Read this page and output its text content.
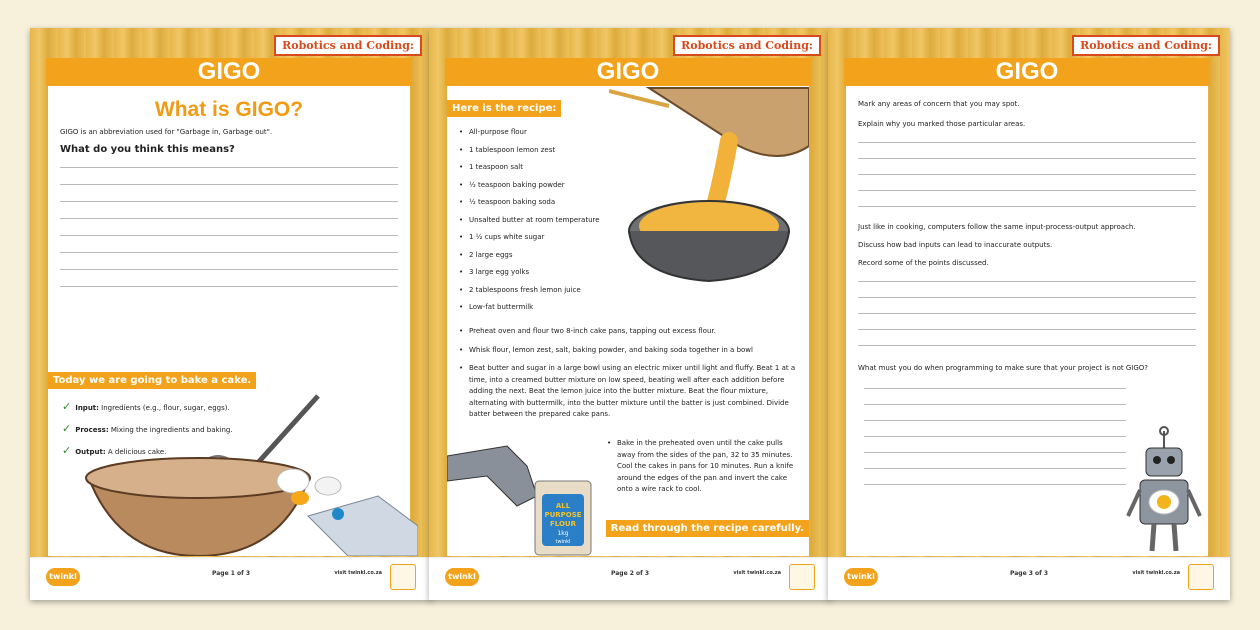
Robotics and Coding:
GIGO
What is GIGO?
GIGO is an abbreviation used for "Garbage in, Garbage out".
What do you think this means?
Today we are going to bake a cake.
✓ Input: Ingredients (e.g., flour, sugar, eggs).
✓ Process: Mixing the ingredients and baking.
✓ Output: A delicious cake.
twinkl	Page 1 of 3	visit twinkl.co.za
Robotics and Coding:
GIGO
Here is the recipe:
• All-purpose flour
• 1 tablespoon lemon zest
• 1 teaspoon salt
• ½ teaspoon baking powder
• ½ teaspoon baking soda
• Unsalted butter at room temperature
• 1 ½ cups white sugar
• 2 large eggs
• 3 large egg yolks
• 2 tablespoons fresh lemon juice
• Low-fat buttermilk
• Preheat oven and flour two 8-inch cake pans, tapping out excess flour.
• Whisk flour, lemon zest, salt, baking powder, and baking soda together in a bowl
• Beat butter and sugar in a large bowl using an electric mixer until light and fluffy. Beat 1 at a time, into a creamed butter mixture on low speed, beating well after each addition before adding the next. Beat the lemon juice into the butter mixture. Beat the flour mixture, alternating with buttermilk, into the butter mixture until the batter is just combined. Divide batter between the prepared cake pans.
ALL
PURPOSE
FLOUR
1kg
twinkl
• Bake in the preheated oven until the cake pulls away from the sides of the pan, 32 to 35 minutes. Cool the cakes in pans for 10 minutes. Run a knife around the edges of the pan and invert the cake onto a wire rack to cool.
Read through the recipe carefully.
twinkl	Page 2 of 3	visit twinkl.co.za
Robotics and Coding:
GIGO
Mark any areas of concern that you may spot.
Explain why you marked those particular areas.
Just like in cooking, computers follow the same input-process-output approach.
Discuss how bad inputs can lead to inaccurate outputs.
Record some of the points discussed.
What must you do when programming to make sure that your project is not GIGO?
twinkl	Page 3 of 3	visit twinkl.co.za
